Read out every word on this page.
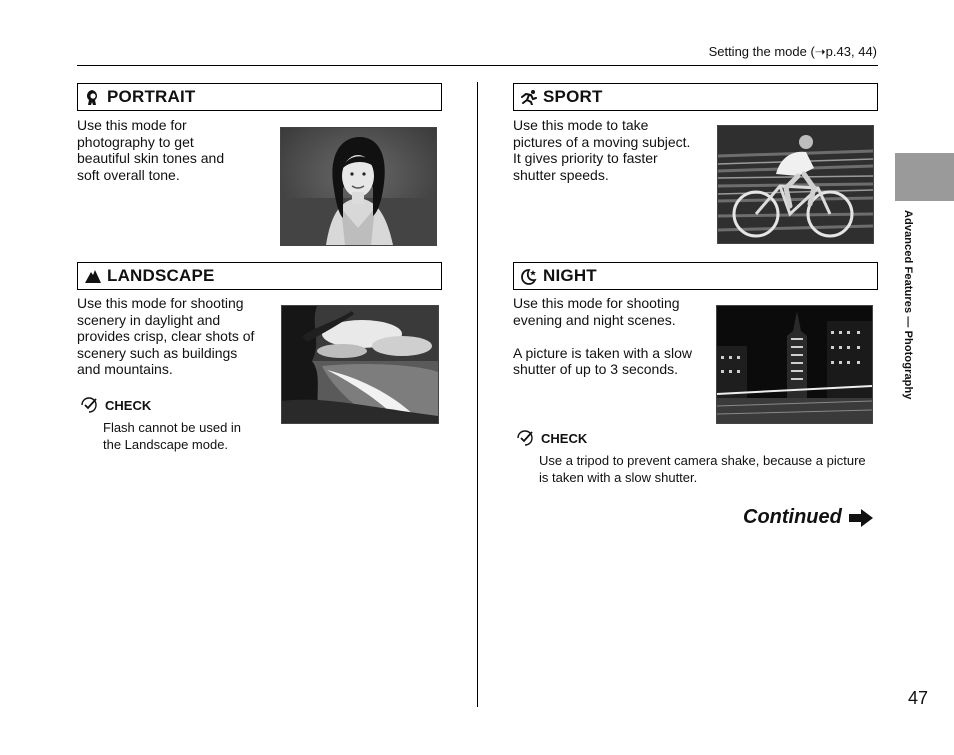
Setting the mode (➝p.43, 44)
PORTRAIT

Use this mode for

photography to get

beautiful skin tones and

soft overall tone.

LANDSCAPE

Use this mode for shooting

scenery in daylight and

provides crisp, clear shots of

scenery such as buildings

and mountains.

CHECK
Flash cannot be used in
the Landscape mode.
SPORT

Use this mode to take

pictures of a moving subject.

It gives priority to faster

shutter speeds.

NIGHT

Use this mode for shooting

evening and night scenes.

A picture is taken with a slow

shutter of up to 3 seconds.

CHECK
Use a tripod to prevent camera shake, because a picture
is taken with a slow shutter.
Continued
Advanced Features — Photography
47
